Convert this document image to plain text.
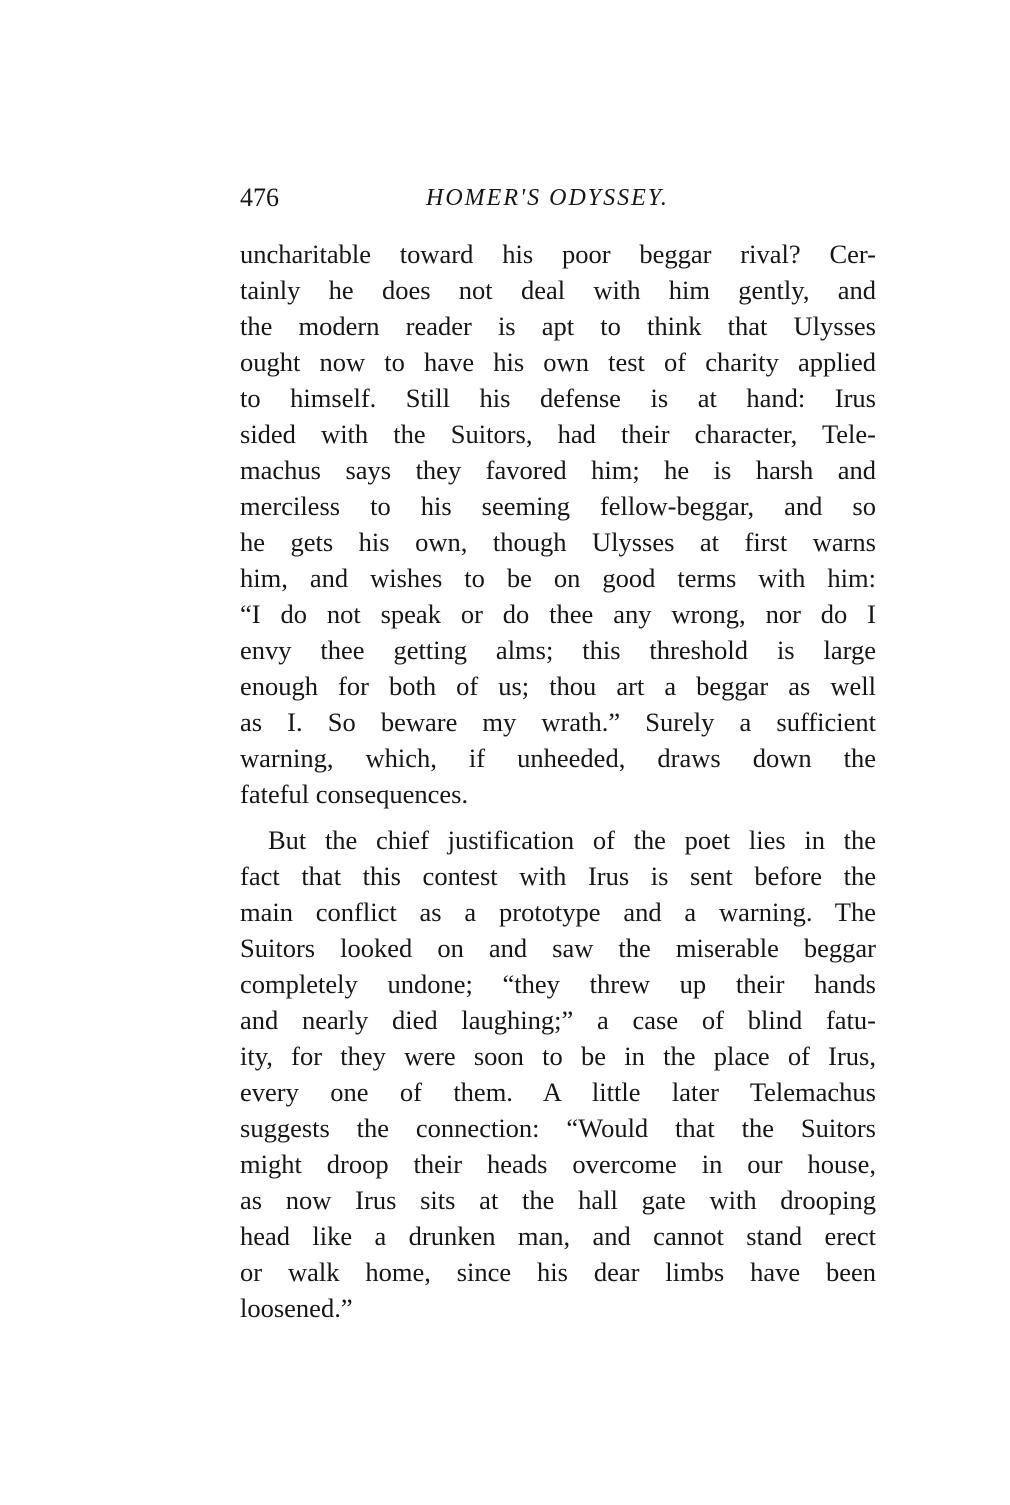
476	HOMER'S ODYSSEY.
uncharitable toward his poor beggar rival? Cer-
tainly he does not deal with him gently, and
the modern reader is apt to think that Ulysses
ought now to have his own test of charity applied
to himself. Still his defense is at hand: Irus
sided with the Suitors, had their character, Tele-
machus says they favored him; he is harsh and
merciless to his seeming fellow-beggar, and so
he gets his own, though Ulysses at first warns
him, and wishes to be on good terms with him:
“I do not speak or do thee any wrong, nor do I
envy thee getting alms; this threshold is large
enough for both of us; thou art a beggar as well
as I. So beware my wrath.” Surely a sufficient
warning, which, if unheeded, draws down the
fateful consequences.
But the chief justification of the poet lies in the
fact that this contest with Irus is sent before the
main conflict as a prototype and a warning. The
Suitors looked on and saw the miserable beggar
completely undone; “they threw up their hands
and nearly died laughing;” a case of blind fatu-
ity, for they were soon to be in the place of Irus,
every one of them. A little later Telemachus
suggests the connection: “Would that the Suitors
might droop their heads overcome in our house,
as now Irus sits at the hall gate with drooping
head like a drunken man, and cannot stand erect
or walk home, since his dear limbs have been
loosened.”
